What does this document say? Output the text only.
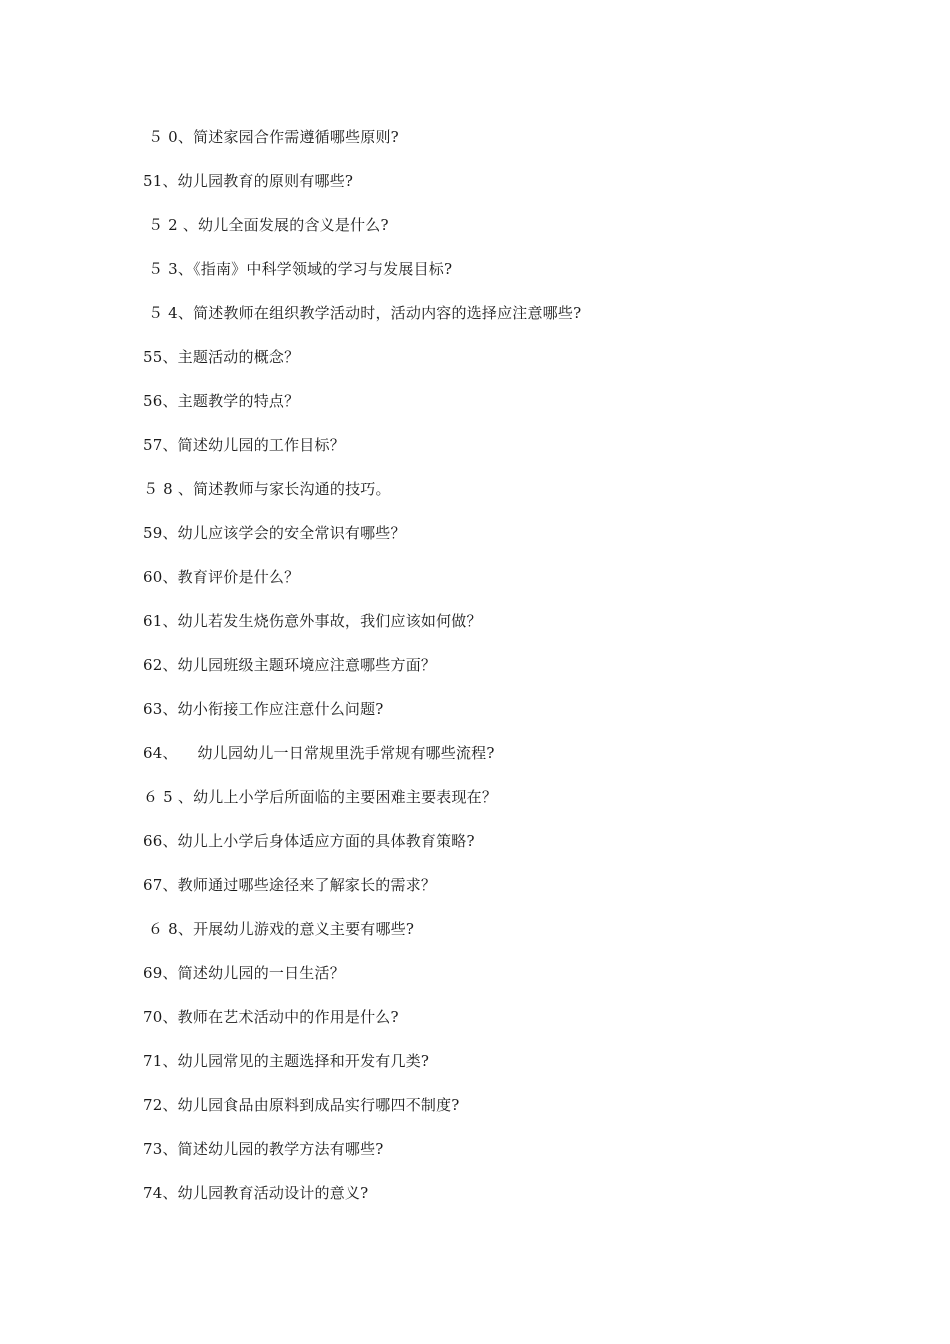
５ 0、简述家园合作需遵循哪些原则?
51、幼儿园教育的原则有哪些?
５ 2 、幼儿全面发展的含义是什么?
５ 3、《指南》中科学领域的学习与发展目标?
５ 4、简述教师在组织教学活动时，活动内容的选择应注意哪些?
55、主题活动的概念？
56、主题教学的特点？
57、简述幼儿园的工作目标？
５ 8 、简述教师与家长沟通的技巧。
59、幼儿应该学会的安全常识有哪些？
60、教育评价是什么？
61、幼儿若发生烧伤意外事故，我们应该如何做？
62、幼儿园班级主题环境应注意哪些方面？
63、幼小衔接工作应注意什么问题?
64、    幼儿园幼儿一日常规里洗手常规有哪些流程?
６ 5 、幼儿上小学后所面临的主要困难主要表现在？
66、幼儿上小学后身体适应方面的具体教育策略?
67、教师通过哪些途径来了解家长的需求？
６ 8、开展幼儿游戏的意义主要有哪些?
69、简述幼儿园的一日生活？
70、教师在艺术活动中的作用是什么?
71、幼儿园常见的主题选择和开发有几类?
72、幼儿园食品由原料到成品实行哪四不制度?
73、简述幼儿园的教学方法有哪些?
74、幼儿园教育活动设计的意义?
